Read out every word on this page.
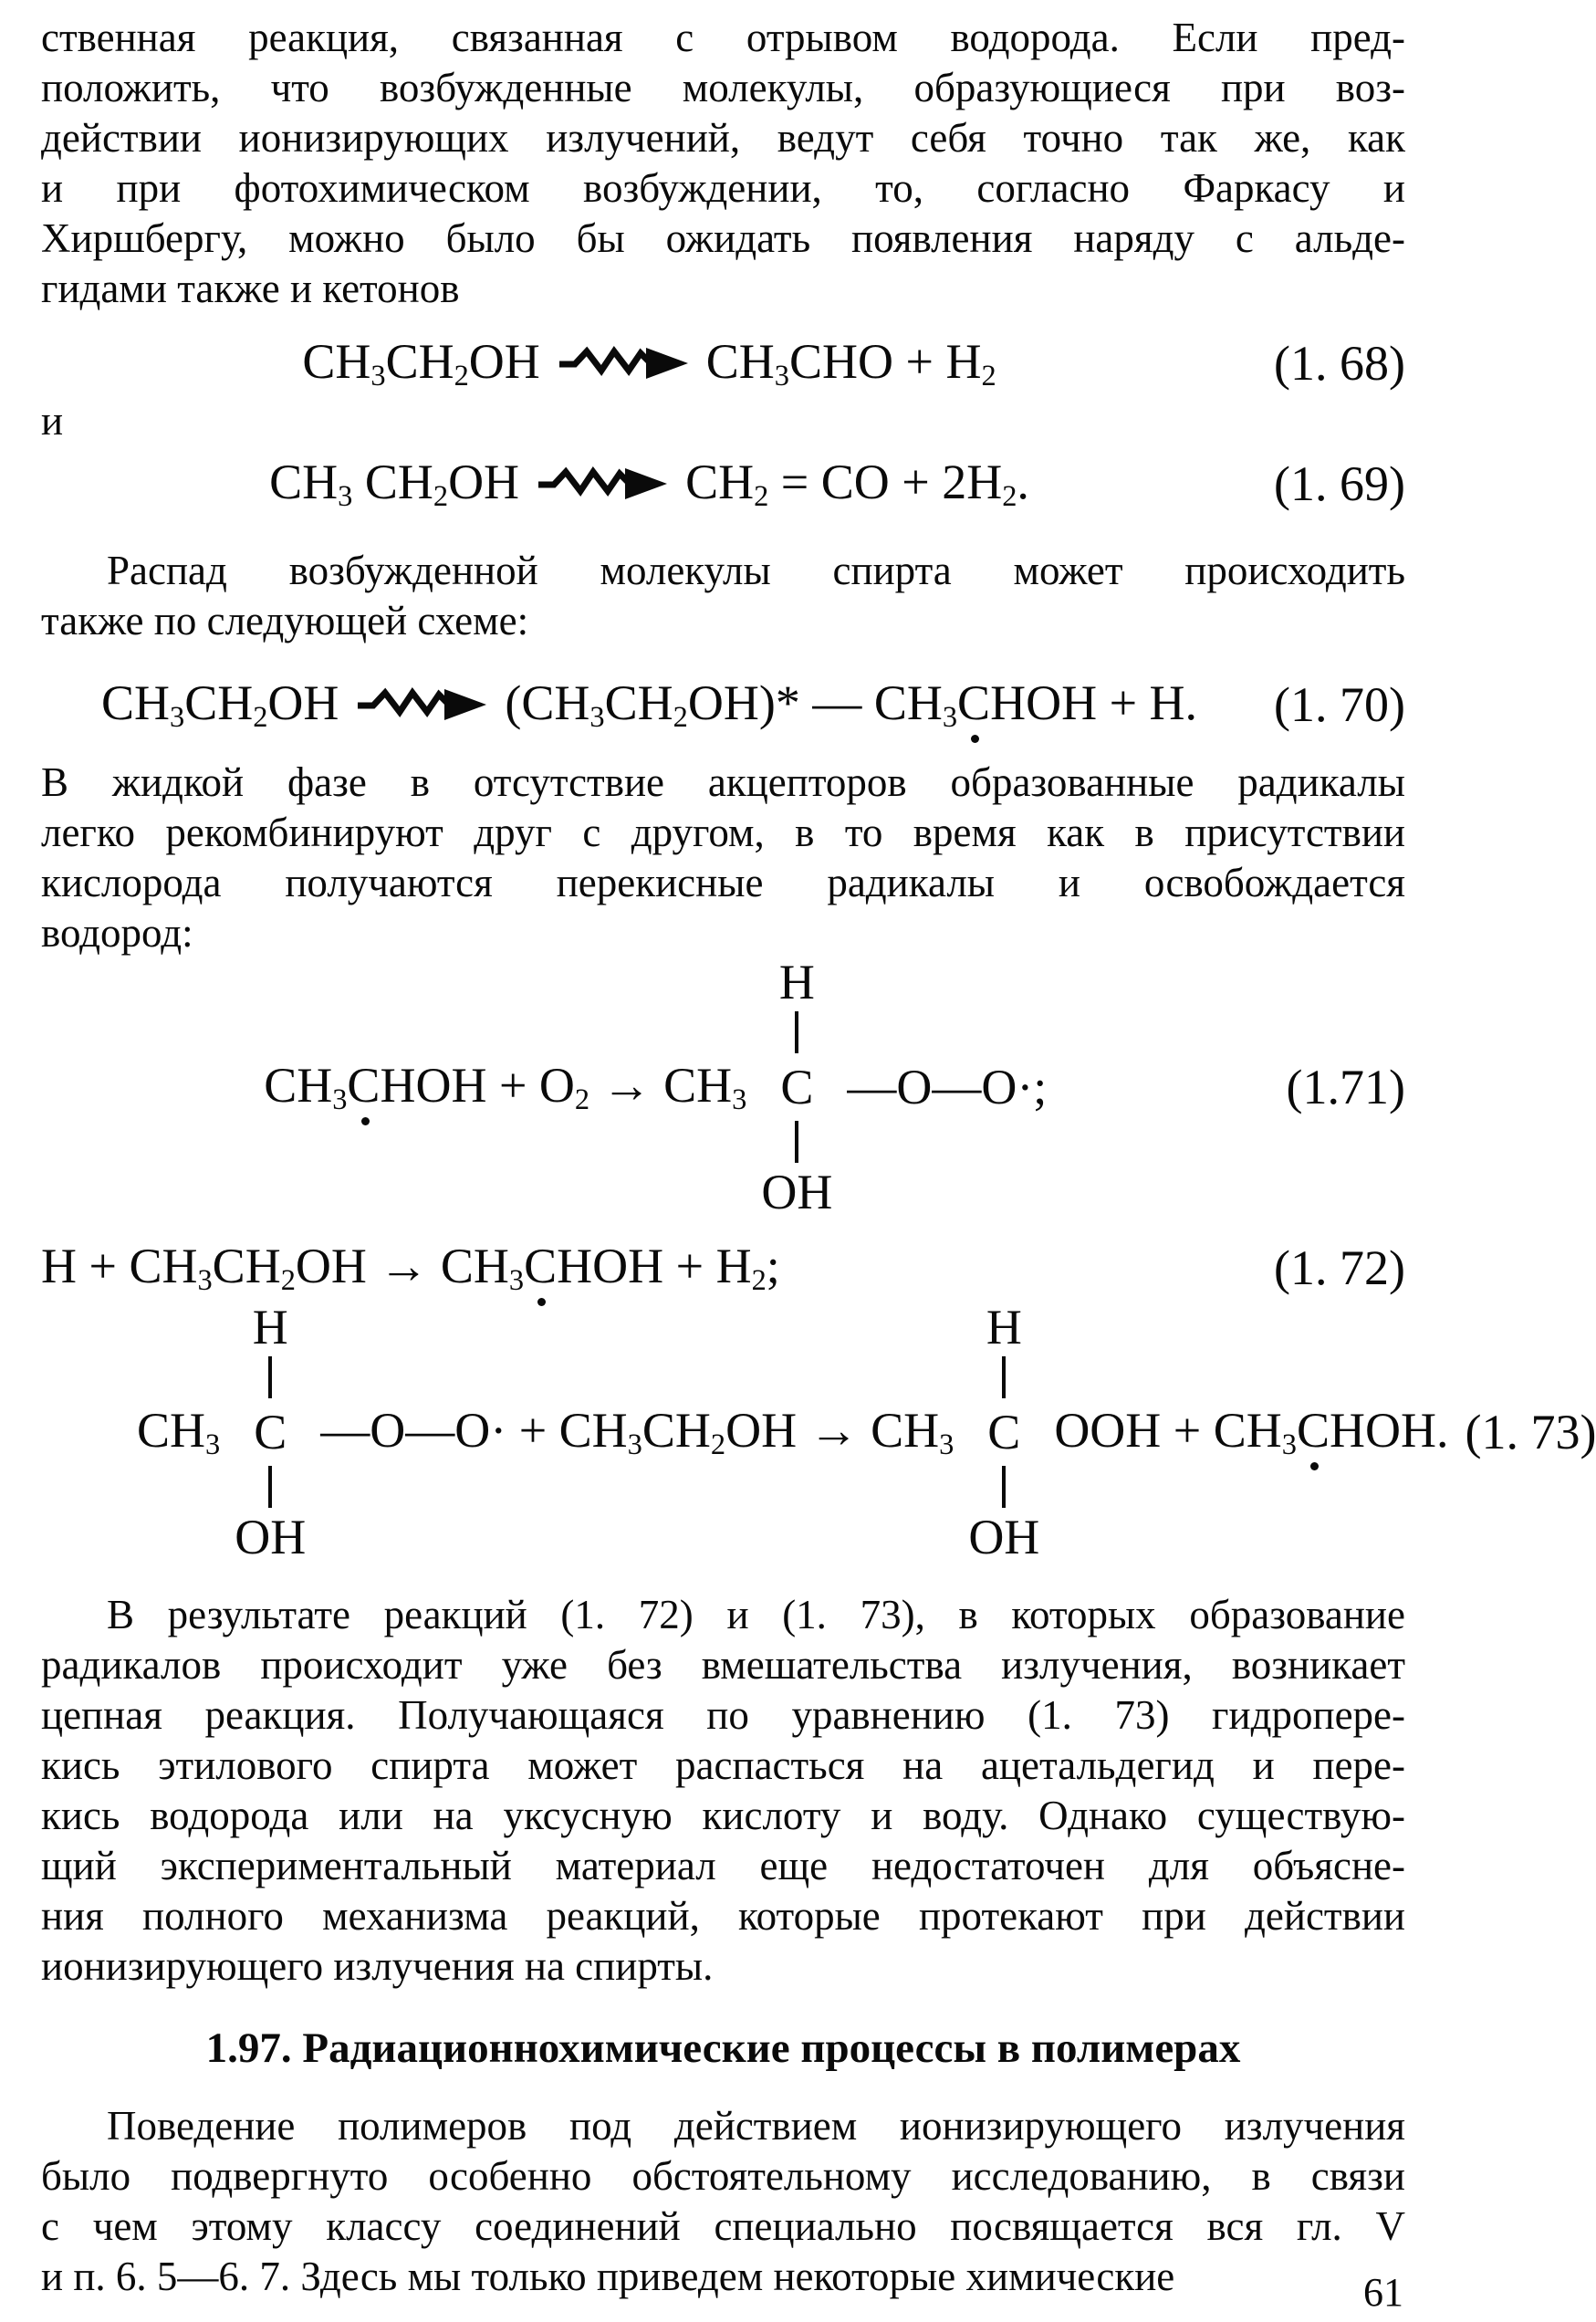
ственная реакция, связанная с отрывом водорода. Если пред-
положить, что возбужденные молекулы, образующиеся при воз-
действии ионизирующих излучений, ведут себя точно так же, как
и при фотохимическом возбуждении, то, согласно Фаркасу и
Хиршбергу, можно было бы ожидать появления наряду с альде-
гидами также и кетонов
$CH_3CH_2OH$	$CH_3CHO + H_2$	(1. 68)
и
$CH_3$ $CH_2OH$	$CH_2$ = CO + $2H_2$.	(1. 69)
Распад возбужденной молекулы спирта может происходить
также по следующей схеме:
$CH_3CH_2OH$	$(CH_3CH_2OH)*$ — $CH_3CHOH + H$. (1. 70)
В жидкой фазе в отсутствие акцепторов образованные радикалы
легко рекомбинируют друг с другом, в то время как в присутствии
кислорода получаются перекисные радикалы и освобождается
водород:
$CH_3CHOH + O_2 \to CH_3$
H
C
OH
—O—O·;	(1.71)
$H + CH_3CH_2OH$ → $CH_3CHOH + H_2$;	(1. 72)
$CH_3$
H
C
OH
—O—O· + $CH_3CH_2OH \to CH_3$
H
C
OH
OOH + $CH_3CHOH$. (1. 73)
В результате реакций (1. 72) и (1. 73), в которых образование
радикалов происходит уже без вмешательства излучения, возникает
цепная реакция. Получающаяся по уравнению (1. 73) гидропере-
кись этилового спирта может распасться на ацетальдегид и пере-
кись водорода или на уксусную кислоту и воду. Однако существую-
щий экспериментальный материал еще недостаточен для объясне-
ния полного механизма реакций, которые протекают при действии
ионизирующего излучения на спирты.
1.97. Радиационнохимические процессы в полимерах
Поведение полимеров под действием ионизирующего излучения
было подвергнуто особенно обстоятельному исследованию, в связи
с чем этому классу соединений специально посвящается вся гл. V
и п. 6. 5—6. 7. Здесь мы только приведем некоторые химические	61
